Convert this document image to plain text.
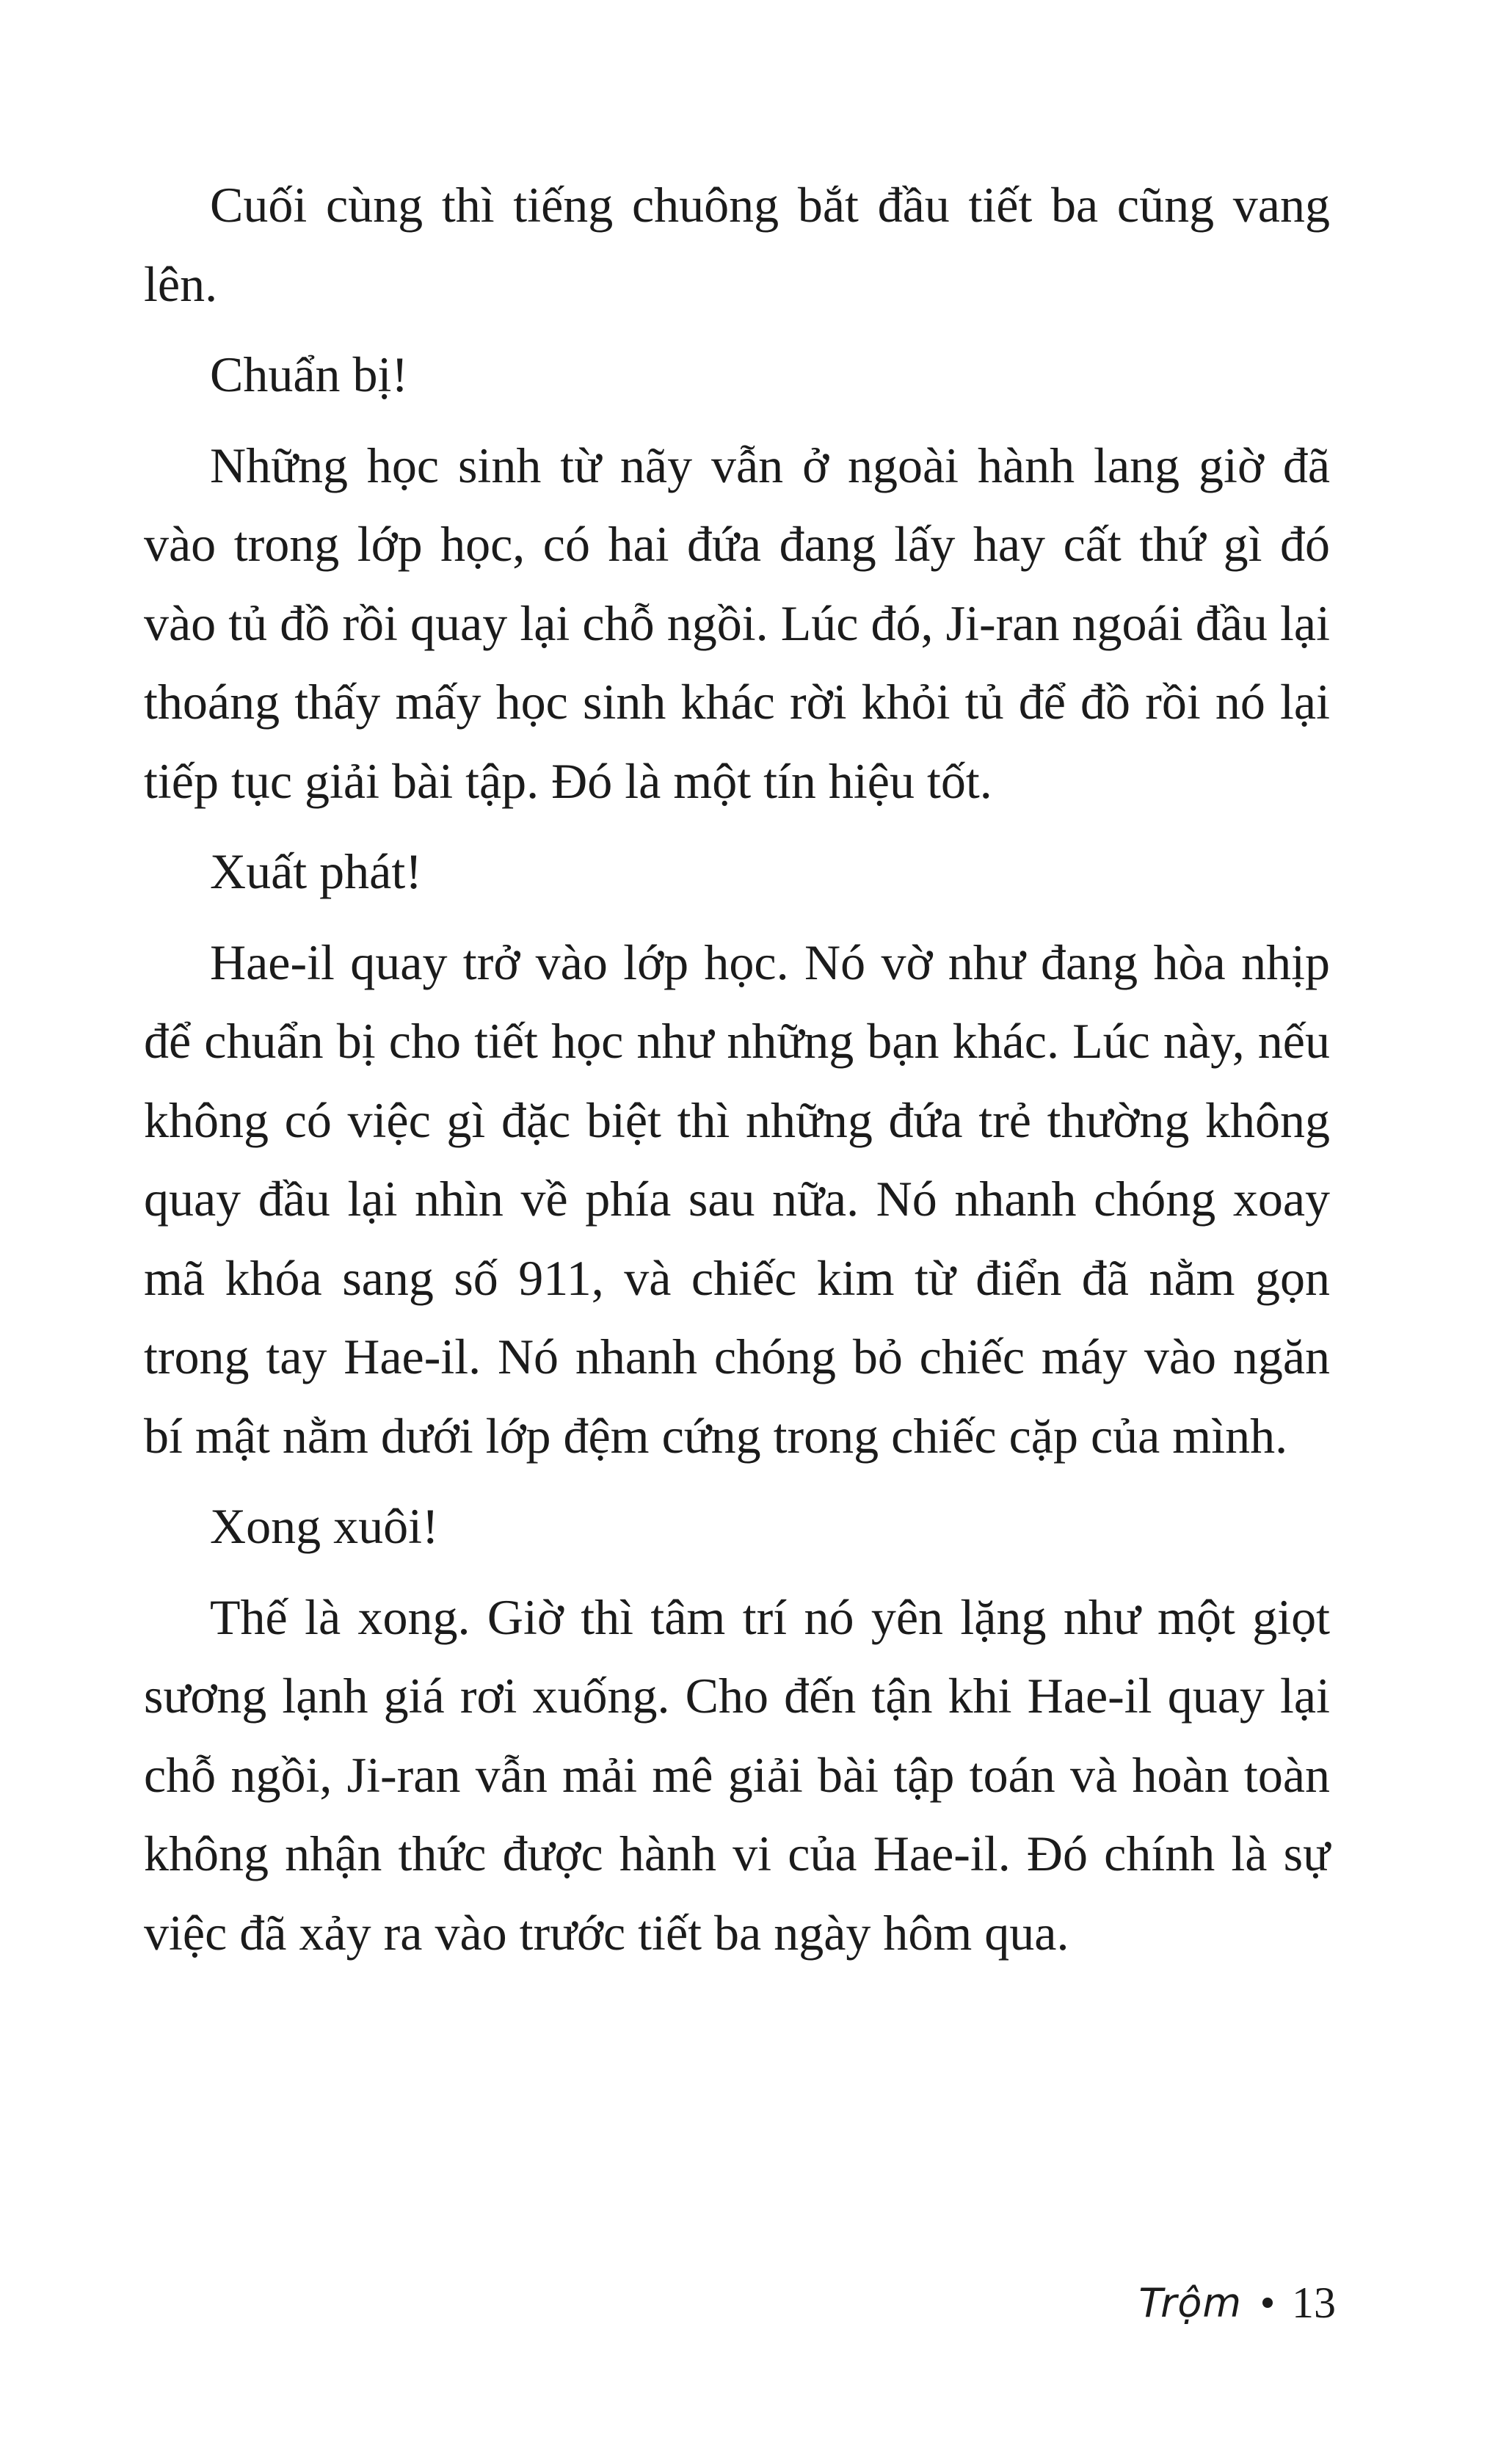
Cuối cùng thì tiếng chuông bắt đầu tiết ba cũng vang lên.

Chuẩn bị!

Những học sinh từ nãy vẫn ở ngoài hành lang giờ đã vào trong lớp học, có hai đứa đang lấy hay cất thứ gì đó vào tủ đồ rồi quay lại chỗ ngồi. Lúc đó, Ji-ran ngoái đầu lại thoáng thấy mấy học sinh khác rời khỏi tủ để đồ rồi nó lại tiếp tục giải bài tập. Đó là một tín hiệu tốt.

Xuất phát!

Hae-il quay trở vào lớp học. Nó vờ như đang hòa nhịp để chuẩn bị cho tiết học như những bạn khác. Lúc này, nếu không có việc gì đặc biệt thì những đứa trẻ thường không quay đầu lại nhìn về phía sau nữa. Nó nhanh chóng xoay mã khóa sang số 911, và chiếc kim từ điển đã nằm gọn trong tay Hae-il. Nó nhanh chóng bỏ chiếc máy vào ngăn bí mật nằm dưới lớp đệm cứng trong chiếc cặp của mình.

Xong xuôi!

Thế là xong. Giờ thì tâm trí nó yên lặng như một giọt sương lạnh giá rơi xuống. Cho đến tận khi Hae-il quay lại chỗ ngồi, Ji-ran vẫn mải mê giải bài tập toán và hoàn toàn không nhận thức được hành vi của Hae-il. Đó chính là sự việc đã xảy ra vào trước tiết ba ngày hôm qua.

Trộm 13
